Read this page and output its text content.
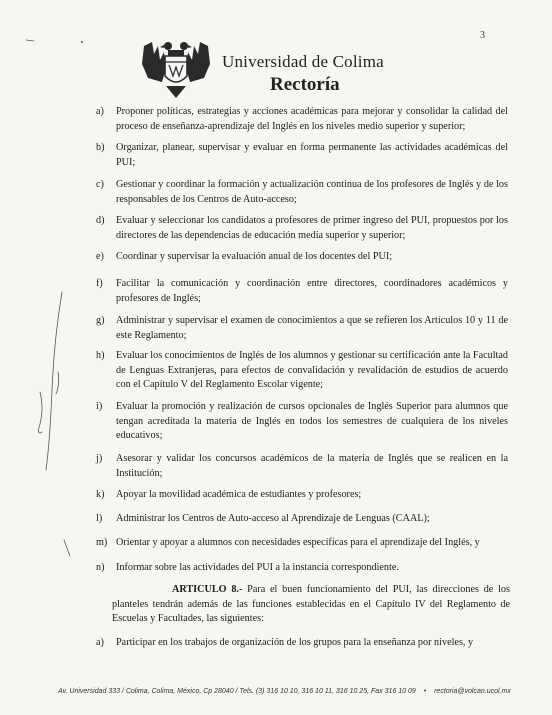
3
Universidad de Colima
Rectoría
a) Proponer políticas, estrategias y acciones académicas para mejorar y consolidar la calidad del proceso de enseñanza-aprendizaje del Inglés en los niveles medio superior y superior;
b) Organizar, planear, supervisar y evaluar en forma permanente las actividades académicas del PUI;
c) Gestionar y coordinar la formación y actualización continua de los profesores de Inglés y de los responsables de los Centros de Auto-acceso;
d) Evaluar y seleccionar los candidatos a profesores de primer ingreso del PUI, propuestos por los directores de las dependencias de educación media superior y superior;
e) Coordinar y supervisar la evaluación anual de los docentes del PUI;
f) Facilitar la comunicación y coordinación entre directores, coordinadores académicos y profesores de Inglés;
g) Administrar y supervisar el examen de conocimientos a que se refieren los Artículos 10 y 11 de este Reglamento;
h) Evaluar los conocimientos de Inglés de los alumnos y gestionar su certificación ante la Facultad de Lenguas Extranjeras, para efectos de convalidación y revalidación de estudios de acuerdo con el Capítulo V del Reglamento Escolar vigente;
i) Evaluar la promoción y realización de cursos opcionales de Inglés Superior para alumnos que tengan acreditada la materia de Inglés en todos los semestres de cualquiera de los niveles educativos;
j) Asesorar y validar los concursos académicos de la materia de Inglés que se realicen en la Institución;
k) Apoyar la movilidad académica de estudiantes y profesores;
l) Administrar los Centros de Auto-acceso al Aprendizaje de Lenguas (CAAL);
m) Orientar y apoyar a alumnos con necesidades específicas para el aprendizaje del Inglés, y
n) Informar sobre las actividades del PUI a la instancia correspondiente.
ARTICULO 8.- Para el buen funcionamiento del PUI, las direcciones de los planteles tendrán además de las funciones establecidas en el Capítulo IV del Reglamento de Escuelas y Facultades, las siguientes:
a) Participar en los trabajos de organización de los grupos para la enseñanza por niveles, y
Av. Universidad 333 / Colima, Colima, México, Cp 28040 / Tels. (3) 316 10 10, 316 10 11, 316 10 25, Fax 316 10 09 • rectoria@volcan.ucol.mx
